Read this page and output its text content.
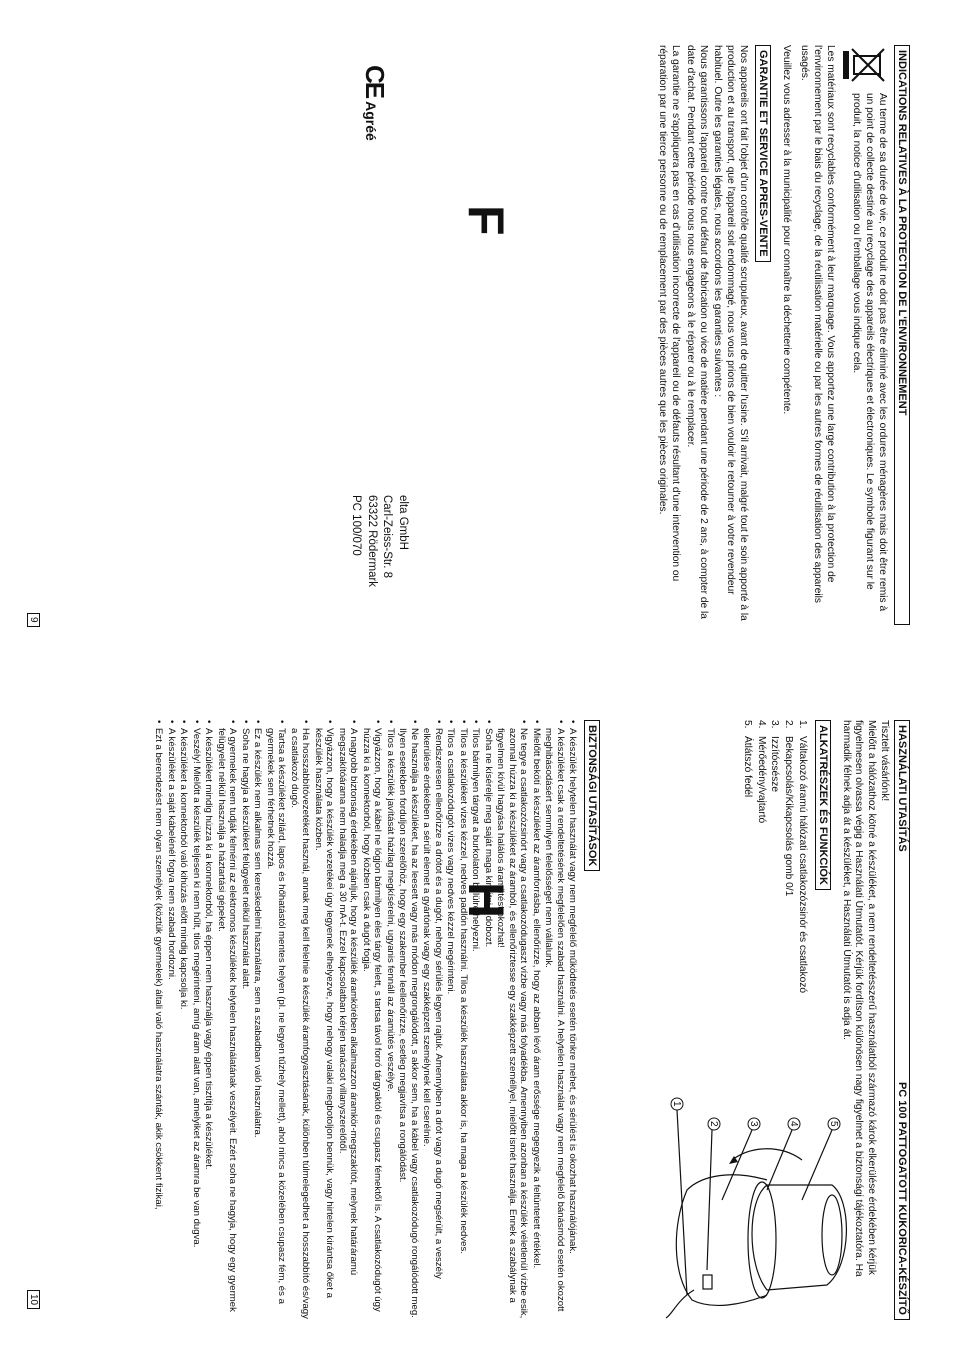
F	INDICATIONS RELATIVES À LA PROTECTION DE L'ENVIRONNEMENT
Au terme de sa durée de vie, ce produit ne doit pas être éliminé avec les ordures ménagères mais doit être remis à un point de collecte destiné au recyclage des appareils électriques et électroniques. Le symbole figurant sur le produit, la notice d'utilisation ou l'emballage vous indique cela.
Les matériaux sont recyclables conformément à leur marquage. Vous apportez une large contribution à la protection de l'environnement par le biais du recyclage, de la réutilisation matérielle ou par les autres formes de réutilisation des appareils usagés.
Veuillez vous adresser à la municipalité pour connaître la déchetterie compétente.
GARANTIE ET SERVICE APRES-VENTE
Nos appareils ont fait l'objet d'un contrôle qualité scrupuleux, avant de quitter l'usine. S'il arrivait, malgré tout le soin apporté à la production et au transport, que l'appareil soit endommagé, nous vous prions de bien vouloir le retourner à votre revendeur habituel. Outre les garanties légales, nous accordons les garanties suivantes :
Nous garantissons l'appareil contre tout défaut de fabrication ou vice de matière pendant une période de 2 ans, à compter de la date d'achat. Pendant cette période nous nous engageons à le réparer ou à le remplacer.
La garantie ne s'appliquera pas en cas d'utilisation incorrecte de l'appareil ou de défauts résultant d'une intervention ou réparation par une tierce personne ou de remplacement par des pièces autres que les pièces originales.
elta GmbH
Carl-Zeiss-Str. 8
63322 Rödermark
PC 100/070
CEAgréé
9
H
HASZNÁLATI UTASÍTÁS
PC 100 PATTOGATOTT KUKORICA-KÉSZÍTŐ
Tisztelt vásárlónk!
Mielőtt a hálózathoz kötné a készüléket, a nem rendeltetésszerű használatból származó károk elkerülése érdekében kérjük figyelmesen olvassa végig a Használati Útmutatót. Kérjük fordítson különösen nagy figyelmet a biztonsági tájékoztatóra. Ha harmadik félnek adja át a készüléket, a Használati Útmutatót is adja át.
ALKATRÉSZEK ÉS FUNKCIÓK
1.Váltakozó áramú hálózati csatlakozózsinór és csatlakozó
2.Bekapcsolás/Kikapcsolás gomb 0/1
3.Izzítócsésze
4.Mérőedény/vajtartó
5.Átlátszó fedél
BIZTONSÁGI UTASÍTÁSOK
• A készülék helytelen használat vagy nem megfelelő működtetés esetén tönkre mehet, és sérülést is okozhat használójának.
• A készüléket csak a rendeltetésének megfelelően szabad használni. A helytelen használat vagy nem megfelelő bánásmód esetén okozott meghibásodásért semmilyen felelősséget nem vállalunk.
• Mielőtt bekötí a készüléket az áramforrásba, ellenőrizze, hogy az abban lévő áram erőssége megegyezik a feltüntetett értékkel.
• Ne tegye a csatlakozózsinórt vagy a csatlakozódugaszt vízbe vagy más folyadékba. Amennyiben azonban a készülék véletlenül vízbe esik, azonnal húzza ki a készüléket az áramból, és ellenőriztesse egy szakképzett személlyel, mielőtt ismét használja. Ennek a szabálynak a figyelmen kívül hagyása halálos áramütést okozhat!
• Soha ne kísérelje meg saját maga kinyitni a dobozt.
• Tilos bármilyen tárgyat a burkolaton belülre helyezni.
• Tilos a készüléket vizes kézzel, nedves padlón használni. Tilos a készülék használata akkor is, ha maga a készülék nedves.
• Tilos a csatlakozódugót vizes vagy nedves kézzel megérinteni.
• Rendszeresen ellenőrizze a drótot és a dugót, nehogy sérülés legyen rajtuk. Amennyiben a drót vagy a dugó megsérült, a veszély elkerülése érdekében a sérült elemet a gyártónak vagy egy szakképzett személynek kell cserélnie.
• Ne használja a készüléket, ha az leesett vagy más módon megrongálódott, s akkor sem, ha a kábel vagy csatlakozódugó rongálódott meg. Ilyen esetekben forduljon szerelőhöz, hogy egy szakember leellenőrizze, esetleg megjavítsa a rongálódást.
• Tilos a készülék javítását házilag megkísérelni, ugyanis fennáll az áramütés veszélye.
• Vigyázzon, hogy a kábel ne lógjon bármilyen éles tárgy felett, s tartsa távol forró tárgyaktól és csupasz fémektől is. A csatlakozódugót úgy húzza ki a konnektorból, hogy közben csak a dugót fogja.
• A nagyobb biztonság érdekében ajánljuk, hogy a készülék áramkörében alkalmazzon áramkör-megszakítót, melynek határáramú megszakítóárama nem haladja meg a 30 mA-t. Ezzel kapcsolatban kérjen tanácsot villanyszerelőtől.
• Vigyázzon, hogy a készülék vezetékei úgy legyenek elhelyezve, hogy nehogy valaki megbotoljon bennük, vagy hirtelen kirántsa őket a készülék használata közben.
• Ha hosszabbítóvezetéket használ, annak meg kell felelnie a készülék áramfogyasztásának, különben túlmelegedhet a hosszabbító és/vagy a csatlakozó dugó.
• Tartsa a készüléket szilárd, lapos és hőhatástól mentes helyen (pl. ne legyen tűzhely mellett), ahol nincs a közelében csupasz fém, és a gyermekek sem férhetnek hozzá.
• Ez a készülék nem alkalmas sem kereskedelmi használatra, sem a szabadban való használatra.
• Soha ne hagyja a készüléket felügyelet nélkül használat alatt.
• A gyermekek nem tudják felmérni az elektromos készülékek helytelen használatának veszélyeit. Ezért soha ne hagyja, hogy egy gyermek felügyelet nélkül használja a háztartási gépeket.
• A készüléket mindig húzza ki a konnektorból, ha éppen nem használja vagy éppen tisztítja a készüléket.
• Veszély! Mielőtt a készülék teljesen ki nem hűlt, tilos megérinteni, amíg áram alatt van, amelyiket az áramra be van dugva.
• A készüléket a konnektorból való kihúzás előtt mindig kapcsolja ki.
• A készüléket a saját kábelénél fogva nem szabad hordozni.
• Ezt a berendezést nem olyan személyek (köztük gyermekek) általi való használatra szánták, akik csökkent fizikai,	5
4
3
2
1
10
